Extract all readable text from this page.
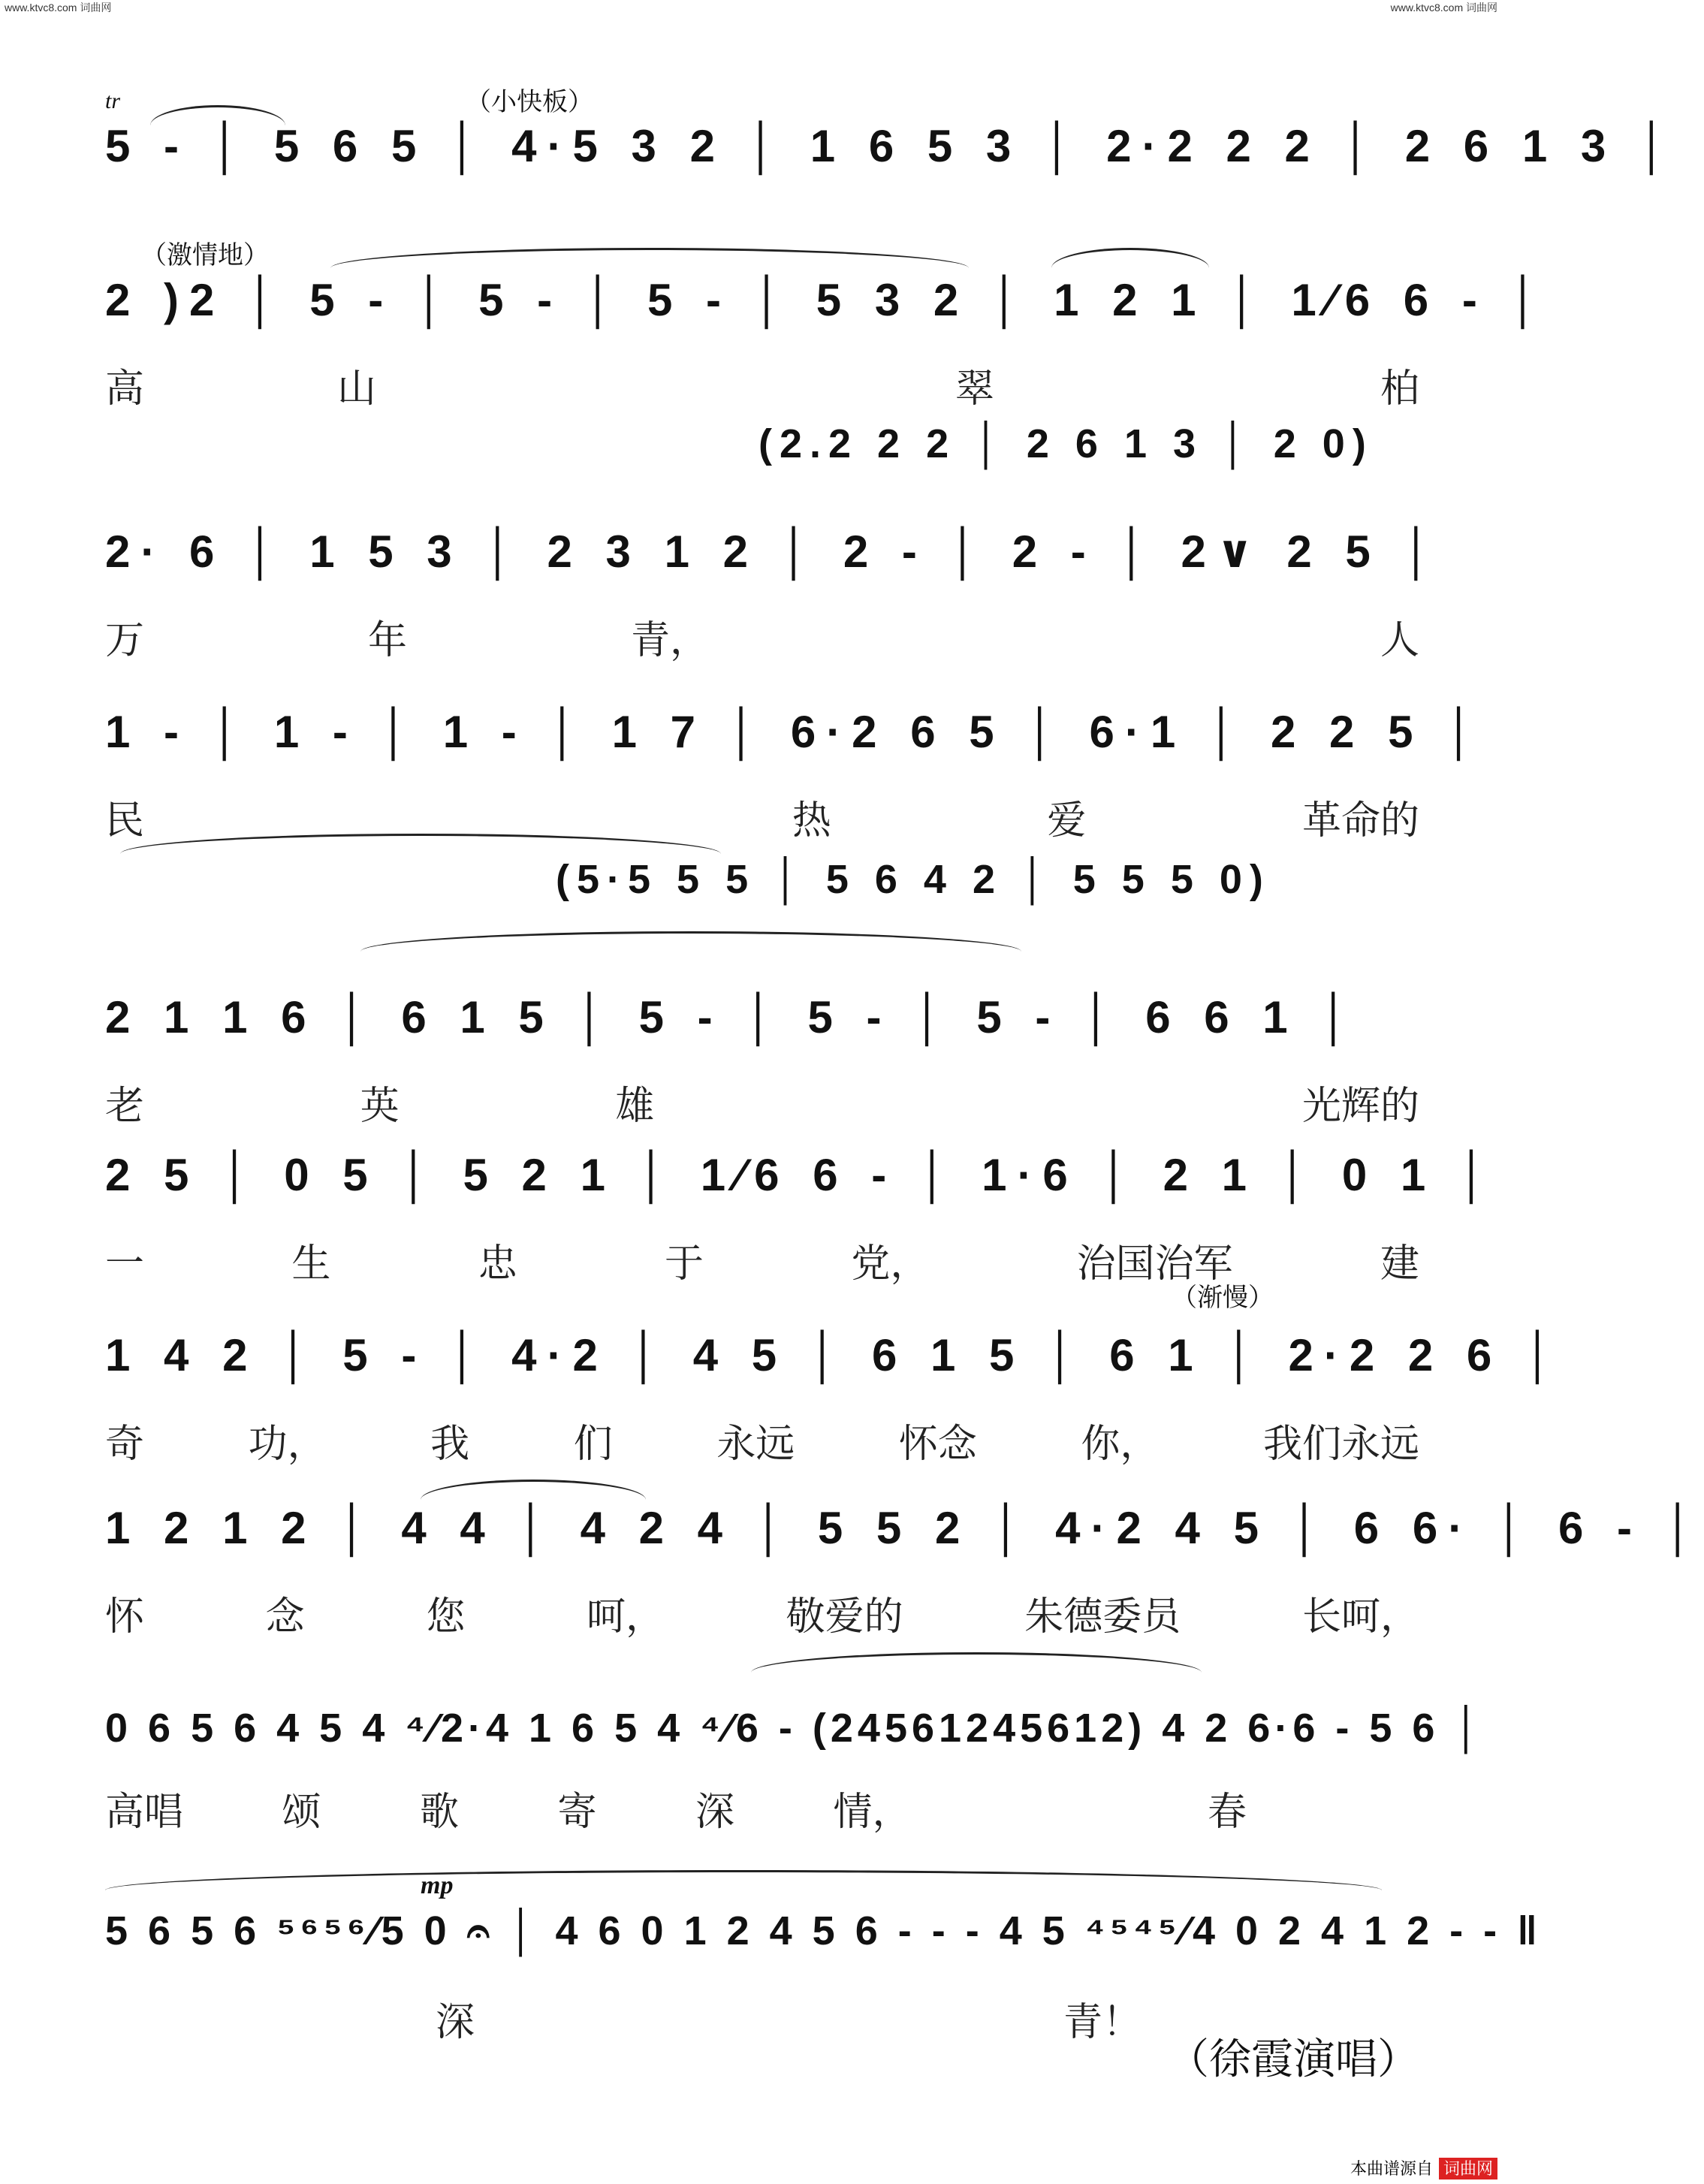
www.ktvc8.com 词曲网	www.ktvc8.com 词曲网
tr	（小快板）
（激情地）
（渐慢）
mp
5 - │ 5 6 5 │ 4·5 3 2 │ 1 6 5 3 │ 2·2 2 2 │ 2 6 1 3 │
2 )2 │ 5 - │ 5 - │ 5 - │ 5 3 2 │ 1 2 1 │ 1⁄6 6 - │
高	山	翠	柏
(2.2 2 2 │ 2 6 1 3 │ 2 0)
2· 6 │ 1 5 3 │ 2 3 1 2 │ 2 - │ 2 - │ 2∨ 2 5 │
万	年	青，	人
1 - │ 1 - │ 1 - │ 1 7 │ 6·2 6 5 │ 6·1 │ 2 2 5 │
民	热	爱	革命的
(5·5 5 5 │ 5 6 4 2 │ 5 5 5 0)
2 1 1 6 │ 6 1 5 │ 5 - │ 5 - │ 5 - │ 6 6 1 │
老	英	雄	光辉的
2 5 │ 0 5 │ 5 2 1 │ 1⁄6 6 - │ 1·6 │ 2 1 │ 0 1 │
一	生	忠	于	党，	治国治军	建
1 4 2 │ 5 - │ 4·2 │ 4 5 │ 6 1 5 │ 6 1 │ 2·2 2 6 │
奇	功，	我	们	永远	怀念	你，	我们永远
1 2 1 2 │ 4 4 │ 4 2 4 │ 5 5 2 │ 4·2 4 5 │ 6 6· │ 6 - │
怀	念	您	呵，	敬爱的	朱德委员	长呵，
0 6 5 6 4 5 4 ⁴⁄2·4 1 6 5 4 ⁴⁄6 - (24561245612) 4 2 6·6 - 5 6 │
高唱	颂	歌	寄	深	情，	春
5 6 5 6 ⁵⁶⁵⁶⁄5 0 𝄐 │ 4 6 0 1 2 4 5 6 - - - 4 5 ⁴⁵⁴⁵⁄4 0 2 4 1 2 - - ‖
深	青！
（徐霞演唱）
本曲谱源自 词曲网
